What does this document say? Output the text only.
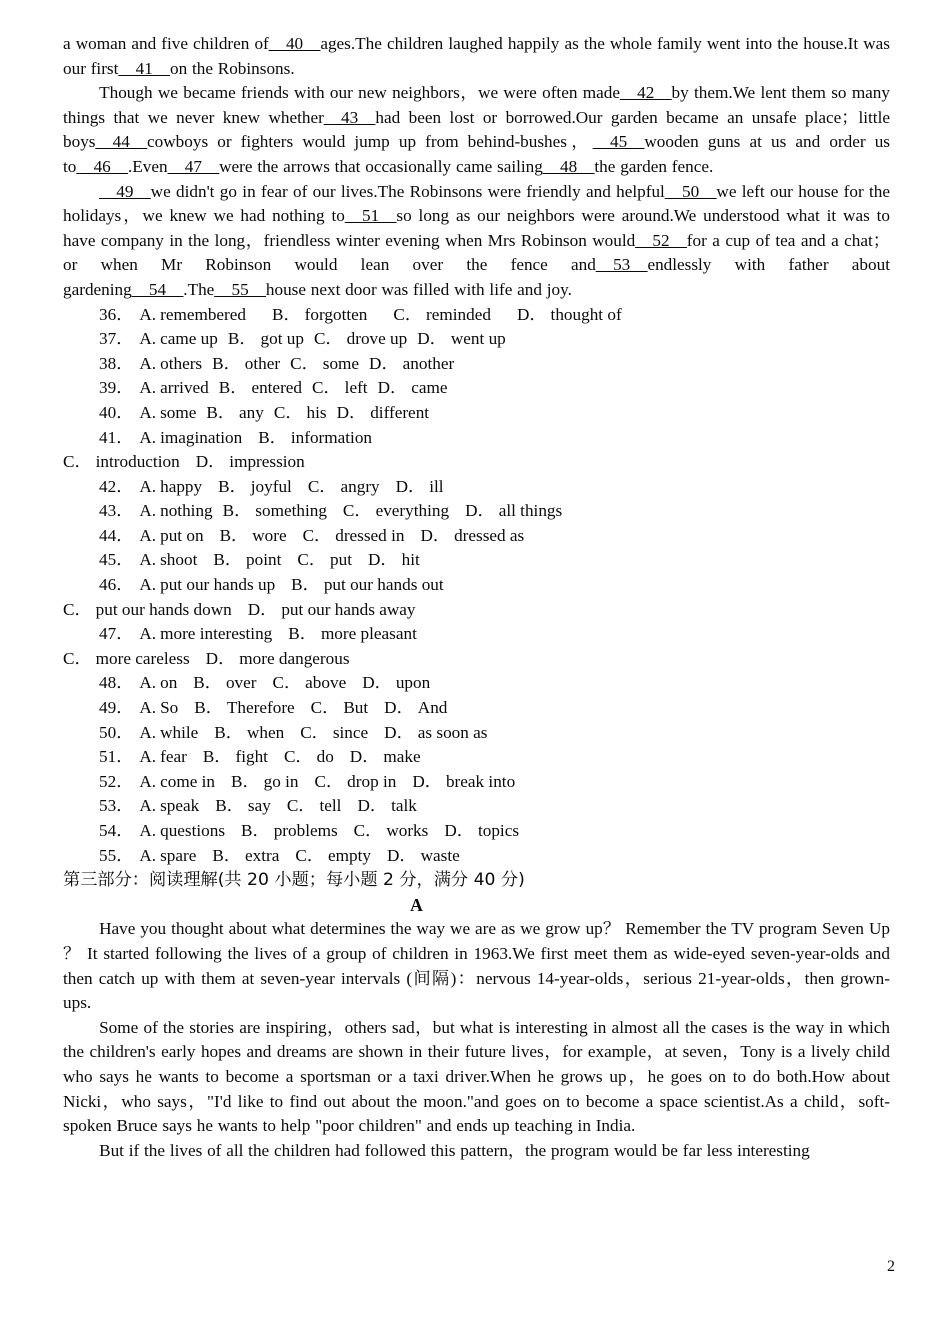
a woman and five children of__40__ages.The children laughed happily as the whole family went into the house.It was our first__41__on the Robinsons.

Though we became friends with our new neighbors，we were often made__42__by them.We lent them so many things that we never knew whether__43__had been lost or borrowed.Our garden became an unsafe place；little boys__44__cowboys or fighters would jump up from behind-bushes，__45__wooden guns at us and order us to__46__.Even__47__were the arrows that occasionally came sailing__48__the garden fence.

__49__we didn't go in fear of our lives.The Robinsons were friendly and helpful__50__we left our house for the holidays，we knew we had nothing to__51__so long as our neighbors were around.We understood what it was to have company in the long，friendless winter evening when Mrs Robinson would__52__for a cup of tea and a chat；or when Mr Robinson would lean over the fence and__53__endlessly with father about gardening__54__.The__55__house next door was filled with life and joy.

36． A. remembered B． forgotten C． reminded D． thought of
37． A. came up B． got up C． drove up D． went up
38． A. others B． other C． some D． another
39． A. arrived B． entered C． left D． came
40． A. some B． any C． his D． different
41． A. imagination B． information
C． introduction D． impression
42． A. happy B． joyful C． angry D． ill
43． A. nothing B． something C． everything D． all things
44． A. put on B． wore C． dressed in D． dressed as
45． A. shoot B． point C． put D． hit
46． A. put our hands up B． put our hands out
C． put our hands down D． put our hands away
47． A. more interesting B． more pleasant
C． more careless D． more dangerous
48． A. on B． over C． above D． upon
49． A. So B． Therefore C． But D． And
50． A. while B． when C． since D． as soon as
51． A. fear B． fight C． do D． make
52． A. come in B． go in C． drop in D． break into
53． A. speak B． say C． tell D． talk
54． A. questions B． problems C． works D． topics
55． A. spare B． extra C． empty D． waste
第三部分：阅读理解(共 20 小题；每小题 2 分，满分 40 分)
A

Have you thought about what determines the way we are as we grow up？ Remember the TV program Seven Up ？ It started following the lives of a group of children in 1963.We first meet them as wide-eyed seven-year-olds and then catch up with them at seven-year intervals (间隔)：nervous 14-year-olds，serious 21-year-olds，then grown-ups.

Some of the stories are inspiring，others sad，but what is interesting in almost all the cases is the way in which the children's early hopes and dreams are shown in their future lives，for example，at seven，Tony is a lively child who says he wants to become a sportsman or a taxi driver.When he grows up，he goes on to do both.How about Nicki，who says，"I'd like to find out about the moon."and goes on to become a space scientist.As a child，soft-spoken Bruce says he wants to help "poor children" and ends up teaching in India.

But if the lives of all the children had followed this pattern，the program would be far less interesting

2
